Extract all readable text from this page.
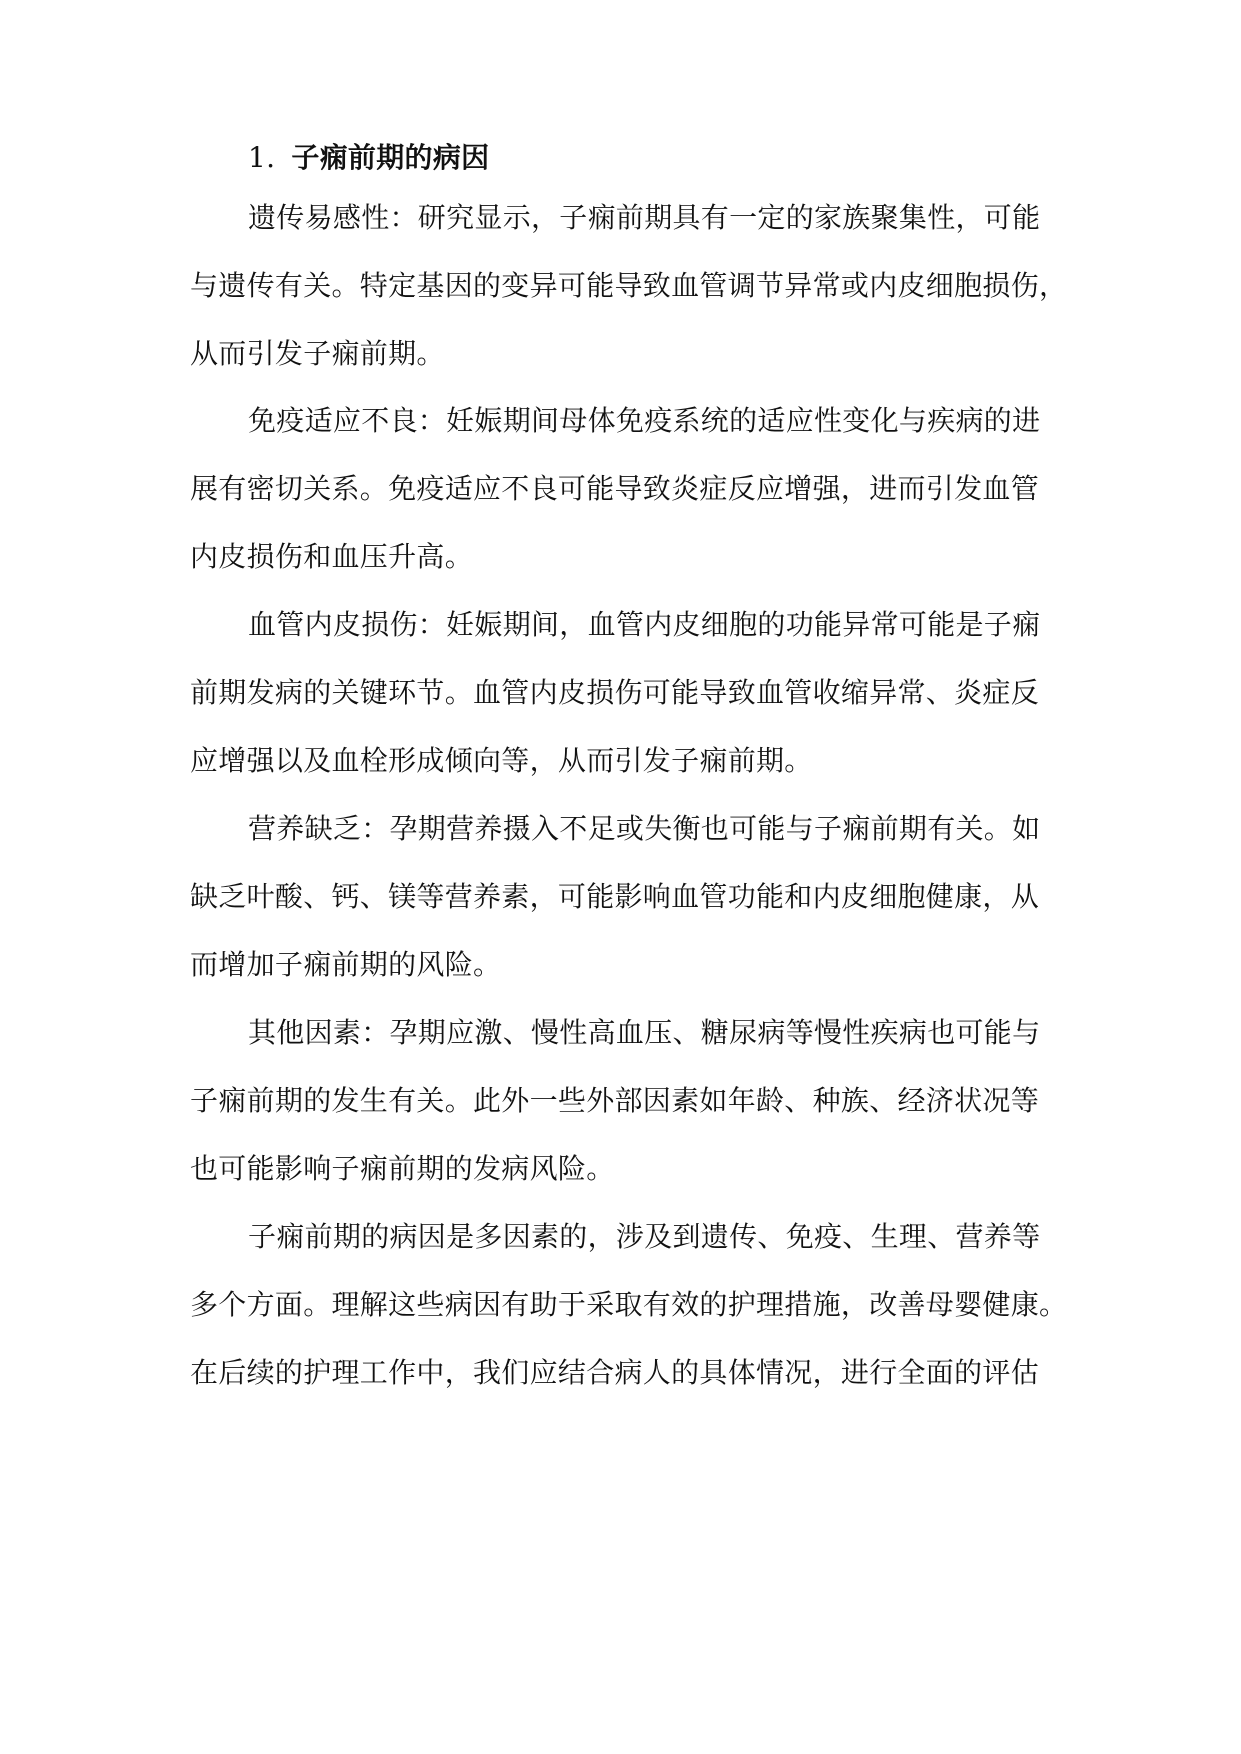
1. 子痫前期的病因
遗传易感性：研究显示，子痫前期具有一定的家族聚集性，可能
与遗传有关。特定基因的变异可能导致血管调节异常或内皮细胞损伤，
从而引发子痫前期。
免疫适应不良：妊娠期间母体免疫系统的适应性变化与疾病的进
展有密切关系。免疫适应不良可能导致炎症反应增强，进而引发血管
内皮损伤和血压升高。
血管内皮损伤：妊娠期间，血管内皮细胞的功能异常可能是子痫
前期发病的关键环节。血管内皮损伤可能导致血管收缩异常、炎症反
应增强以及血栓形成倾向等，从而引发子痫前期。
营养缺乏：孕期营养摄入不足或失衡也可能与子痫前期有关。如
缺乏叶酸、钙、镁等营养素，可能影响血管功能和内皮细胞健康，从
而增加子痫前期的风险。
其他因素：孕期应激、慢性高血压、糖尿病等慢性疾病也可能与
子痫前期的发生有关。此外一些外部因素如年龄、种族、经济状况等
也可能影响子痫前期的发病风险。
子痫前期的病因是多因素的，涉及到遗传、免疫、生理、营养等
多个方面。理解这些病因有助于采取有效的护理措施，改善母婴健康。
在后续的护理工作中，我们应结合病人的具体情况，进行全面的评估
